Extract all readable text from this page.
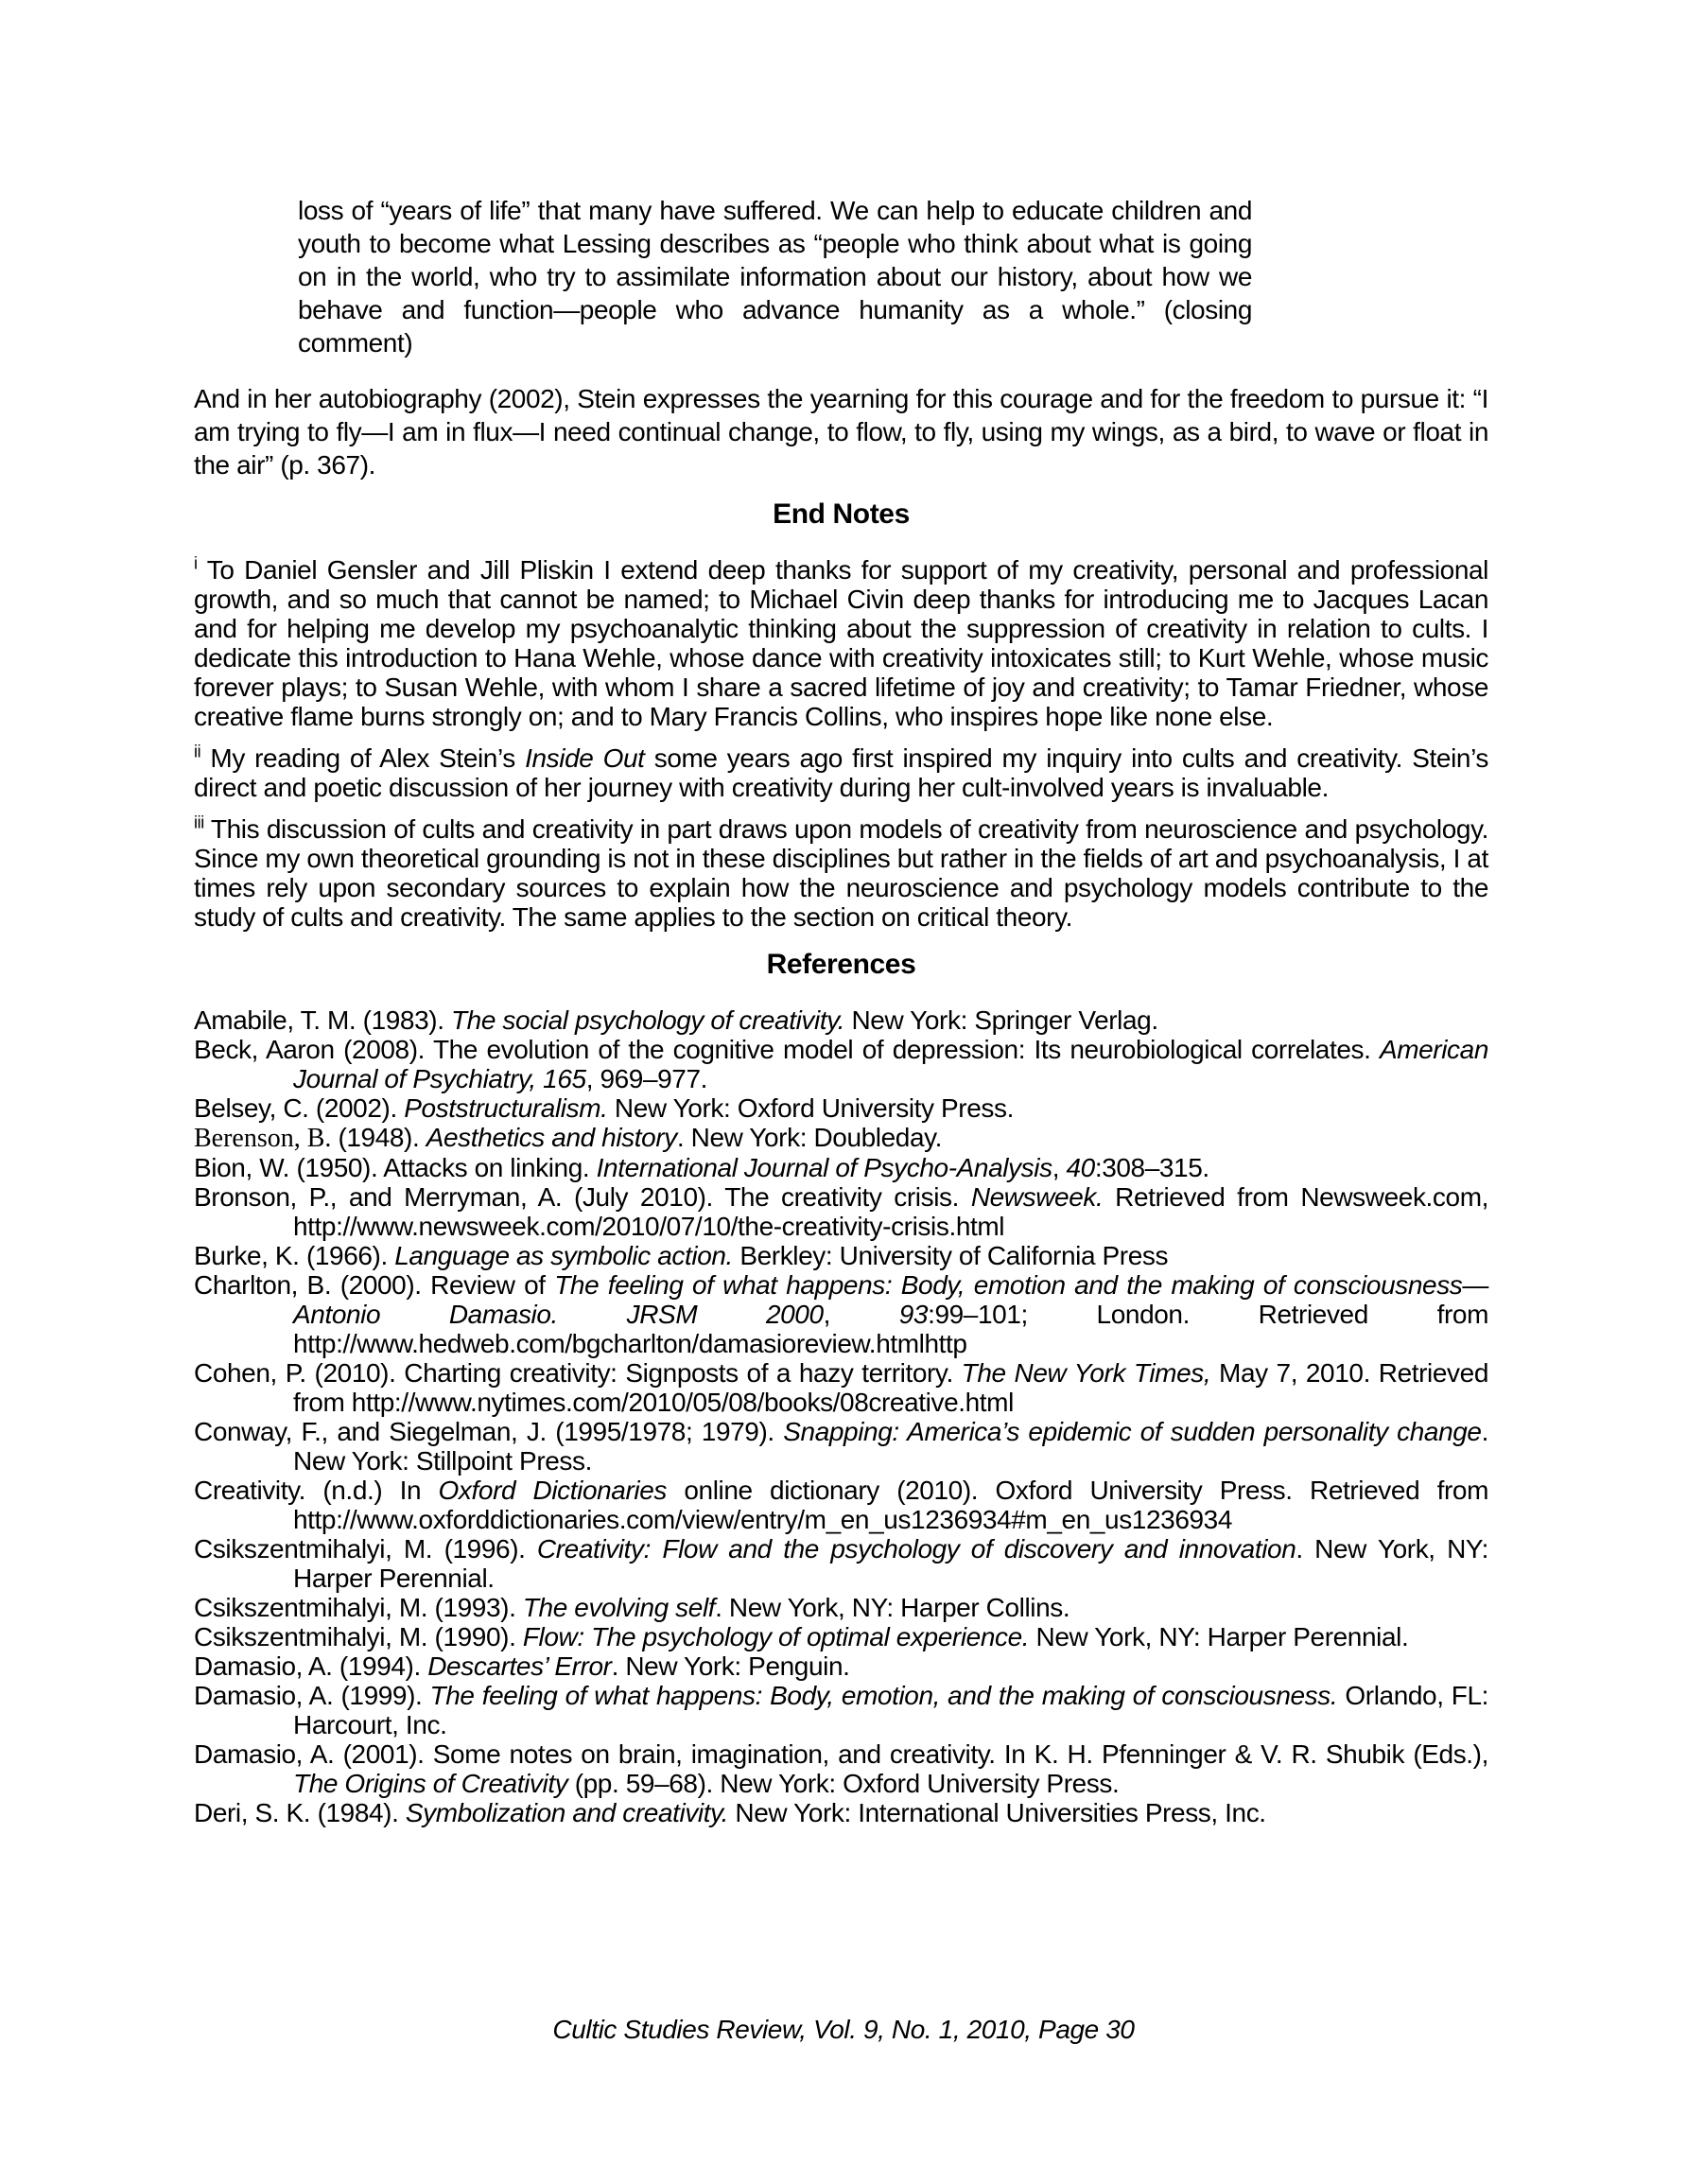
loss of “years of life” that many have suffered. We can help to educate children and youth to become what Lessing describes as “people who think about what is going on in the world, who try to assimilate information about our history, about how we behave and function—people who advance humanity as a whole.” (closing comment)

And in her autobiography (2002), Stein expresses the yearning for this courage and for the freedom to pursue it: “I am trying to fly—I am in flux—I need continual change, to flow, to fly, using my wings, as a bird, to wave or float in the air” (p. 367).

End Notes

$^i$ To Daniel Gensler and Jill Pliskin I extend deep thanks for support of my creativity, personal and professional growth, and so much that cannot be named; to Michael Civin deep thanks for introducing me to Jacques Lacan and for helping me develop my psychoanalytic thinking about the suppression of creativity in relation to cults. I dedicate this introduction to Hana Wehle, whose dance with creativity intoxicates still; to Kurt Wehle, whose music forever plays; to Susan Wehle, with whom I share a sacred lifetime of joy and creativity; to Tamar Friedner, whose creative flame burns strongly on; and to Mary Francis Collins, who inspires hope like none else.

$^{ii}$ My reading of Alex Stein’s Inside Out some years ago first inspired my inquiry into cults and creativity. Stein’s direct and poetic discussion of her journey with creativity during her cult-involved years is invaluable.

$^{iii}$ This discussion of cults and creativity in part draws upon models of creativity from neuroscience and psychology. Since my own theoretical grounding is not in these disciplines but rather in the fields of art and psychoanalysis, I at times rely upon secondary sources to explain how the neuroscience and psychology models contribute to the study of cults and creativity. The same applies to the section on critical theory.

References

Amabile, T. M. (1983). The social psychology of creativity. New York: Springer Verlag.

Beck, Aaron (2008). The evolution of the cognitive model of depression: Its neurobiological correlates. American Journal of Psychiatry, 165, 969–977.

Belsey, C. (2002). Poststructuralism. New York: Oxford University Press.

Berenson, B. (1948). Aesthetics and history. New York: Doubleday.

Bion, W. (1950). Attacks on linking. International Journal of Psycho-Analysis, 40:308–315.

Bronson, P., and Merryman, A. (July 2010). The creativity crisis. Newsweek. Retrieved from Newsweek.com, http://www.newsweek.com/2010/07/10/the-creativity-crisis.html

Burke, K. (1966). Language as symbolic action. Berkley: University of California Press

Charlton, B. (2000). Review of The feeling of what happens: Body, emotion and the making of consciousness—Antonio Damasio.	JRSM 2000, 93:99–101; London. Retrieved from http://www.hedweb.com/bgcharlton/damasioreview.htmlhttp

Cohen, P. (2010). Charting creativity: Signposts of a hazy territory. The New York Times, May 7, 2010. Retrieved from http://www.nytimes.com/2010/05/08/books/08creative.html

Conway, F., and Siegelman, J. (1995/1978; 1979). Snapping: America’s epidemic of sudden personality change. New York: Stillpoint Press.

Creativity. (n.d.) In Oxford Dictionaries online dictionary (2010). Oxford University Press. Retrieved from http://www.oxforddictionaries.com/view/entry/m_en_us1236934#m_en_us1236934

Csikszentmihalyi, M. (1996). Creativity: Flow and the psychology of discovery and innovation. New York, NY: Harper Perennial.

Csikszentmihalyi, M. (1993). The evolving self. New York, NY: Harper Collins.

Csikszentmihalyi, M. (1990). Flow: The psychology of optimal experience. New York, NY: Harper Perennial.

Damasio, A. (1994). Descartes’ Error. New York: Penguin.

Damasio, A. (1999). The feeling of what happens: Body, emotion, and the making of consciousness. Orlando, FL: Harcourt, Inc.

Damasio, A. (2001). Some notes on brain, imagination, and creativity. In K. H. Pfenninger & V. R. Shubik (Eds.), The Origins of Creativity (pp. 59–68). New York: Oxford University Press.

Deri, S. K. (1984). Symbolization and creativity. New York: International Universities Press, Inc.

Cultic Studies Review, Vol. 9, No. 1, 2010, Page 30
